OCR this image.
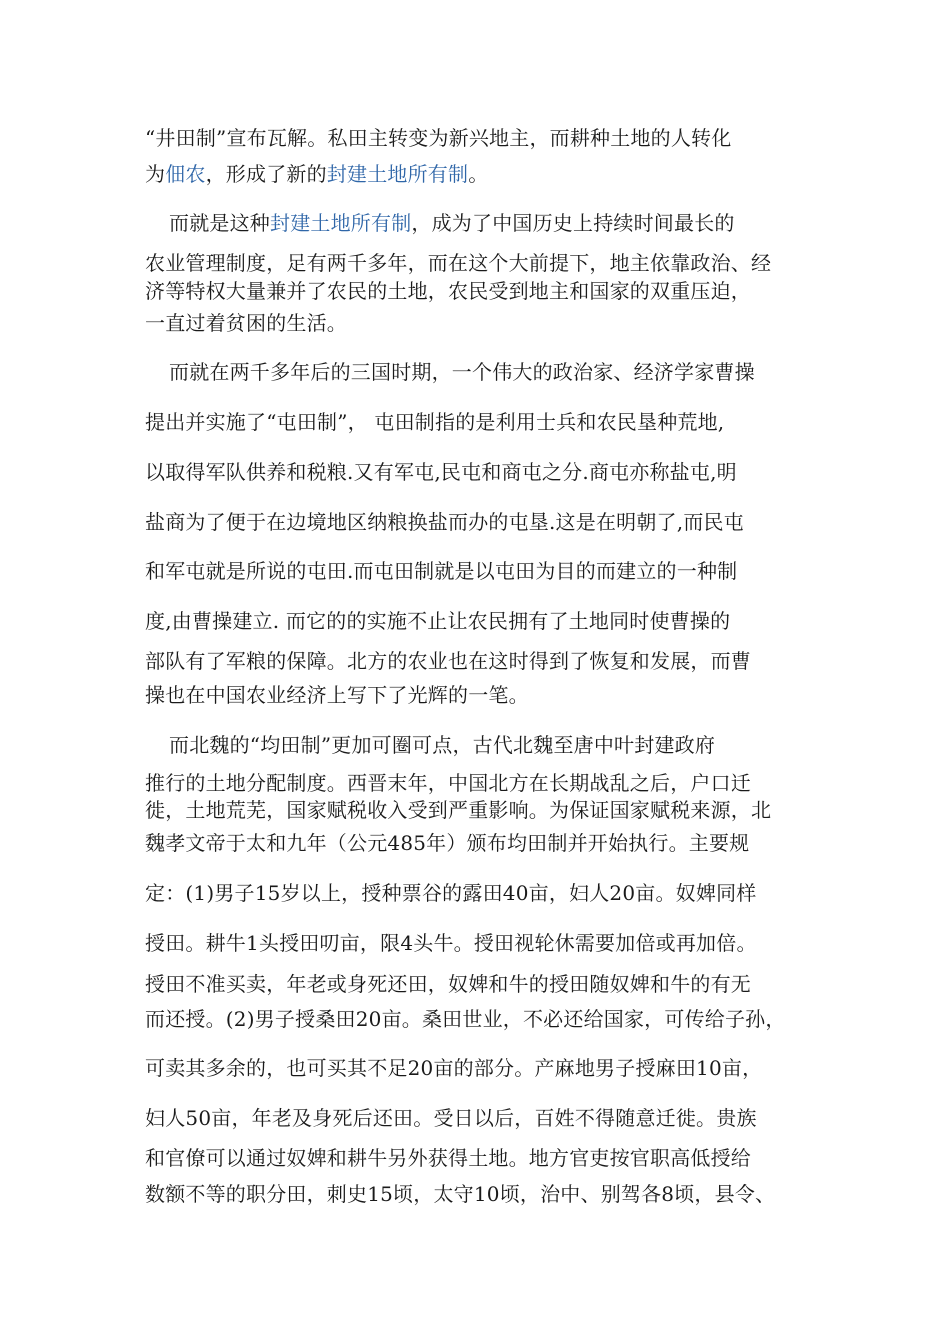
“井田制”宣布瓦解。私田主转变为新兴地主，而耕种土地的人转化
为佃农，形成了新的封建土地所有制。
而就是这种封建土地所有制，成为了中国历史上持续时间最长的
农业管理制度，足有两千多年，而在这个大前提下，地主依靠政治、经
济等特权大量兼并了农民的土地，农民受到地主和国家的双重压迫，
一直过着贫困的生活。
而就在两千多年后的三国时期，一个伟大的政治家、经济学家曹操
提出并实施了“屯田制”， 屯田制指的是利用士兵和农民垦种荒地,
以取得军队供养和税粮.又有军屯,民屯和商屯之分.商屯亦称盐屯,明
盐商为了便于在边境地区纳粮换盐而办的屯垦.这是在明朝了,而民屯
和军屯就是所说的屯田.而屯田制就是以屯田为目的而建立的一种制
度,由曹操建立. 而它的的实施不止让农民拥有了土地同时使曹操的
部队有了军粮的保障。北方的农业也在这时得到了恢复和发展，而曹
操也在中国农业经济上写下了光辉的一笔。
而北魏的“均田制”更加可圈可点，古代北魏至唐中叶封建政府
推行的土地分配制度。西晋末年，中国北方在长期战乱之后，户口迁
徙，土地荒芜，国家赋税收入受到严重影响。为保证国家赋税来源，北
魏孝文帝于太和九年（公元485年）颁布均田制并开始执行。主要规
定：(1)男子15岁以上，授种票谷的露田40亩，妇人20亩。奴婢同样
授田。耕牛1头授田叨亩，限4头牛。授田视轮休需要加倍或再加倍。
授田不准买卖，年老或身死还田，奴婢和牛的授田随奴婢和牛的有无
而还授。(2)男子授桑田20亩。桑田世业，不必还给国家，可传给子孙，
可卖其多余的，也可买其不足20亩的部分。产麻地男子授麻田10亩，
妇人50亩，年老及身死后还田。受日以后，百姓不得随意迁徙。贵族
和官僚可以通过奴婢和耕牛另外获得土地。地方官吏按官职高低授给
数额不等的职分田，刺史15顷，太守10顷，治中、别驾各8顷，县令、
